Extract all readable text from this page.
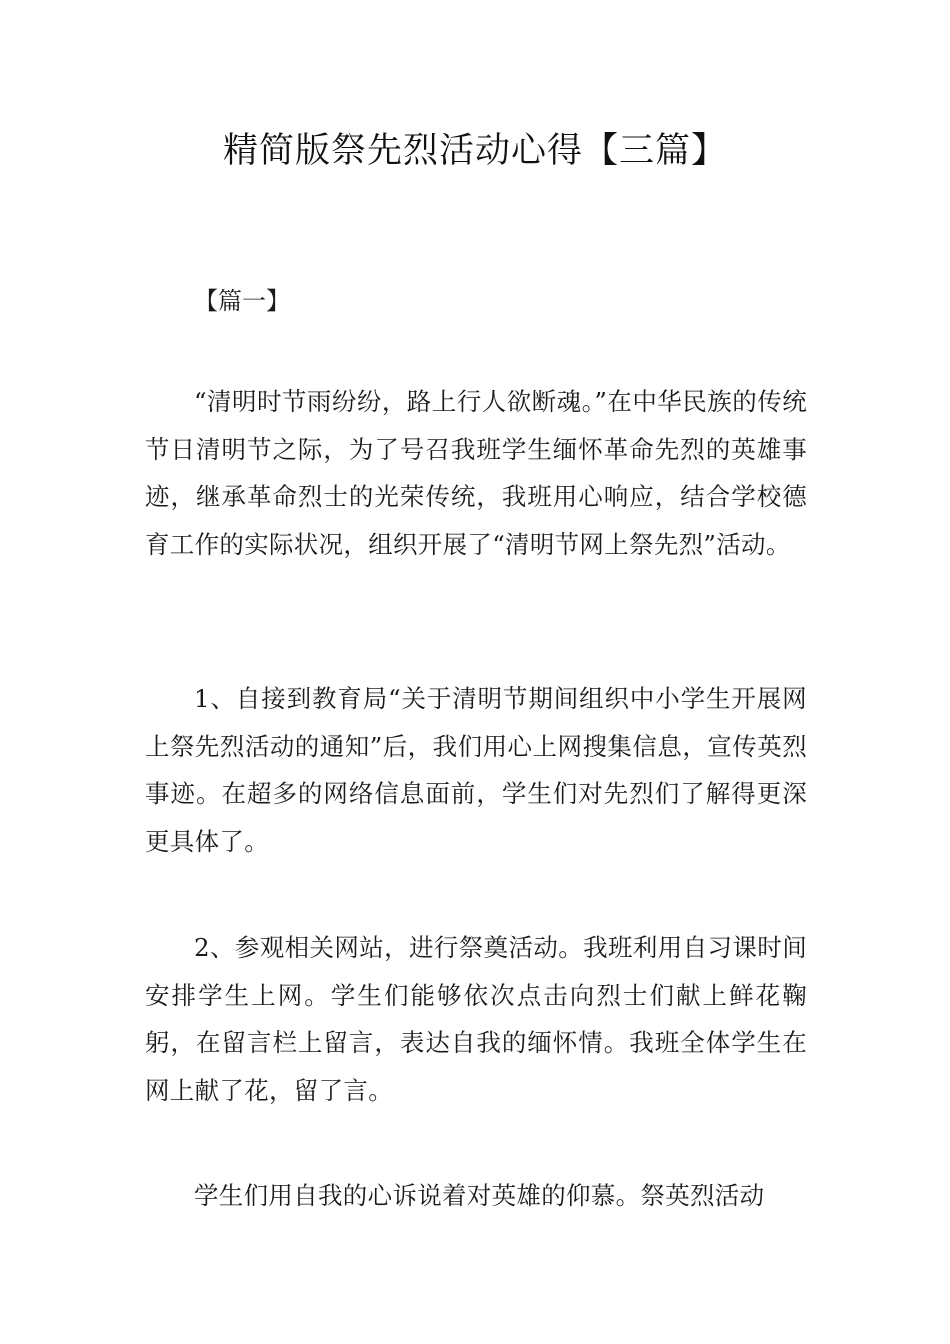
精简版祭先烈活动心得【三篇】
【篇一】

“清明时节雨纷纷，路上行人欲断魂。”在中华民族的传统节日清明节之际，为了号召我班学生缅怀革命先烈的英雄事迹，继承革命烈士的光荣传统，我班用心响应，结合学校德育工作的实际状况，组织开展了“清明节网上祭先烈”活动。

1、自接到教育局“关于清明节期间组织中小学生开展网上祭先烈活动的通知”后，我们用心上网搜集信息，宣传英烈事迹。在超多的网络信息面前，学生们对先烈们了解得更深更具体了。

2、参观相关网站，进行祭奠活动。我班利用自习课时间安排学生上网。学生们能够依次点击向烈士们献上鲜花鞠躬，在留言栏上留言，表达自我的缅怀情。我班全体学生在网上献了花，留了言。

学生们用自我的心诉说着对英雄的仰慕。祭英烈活动
